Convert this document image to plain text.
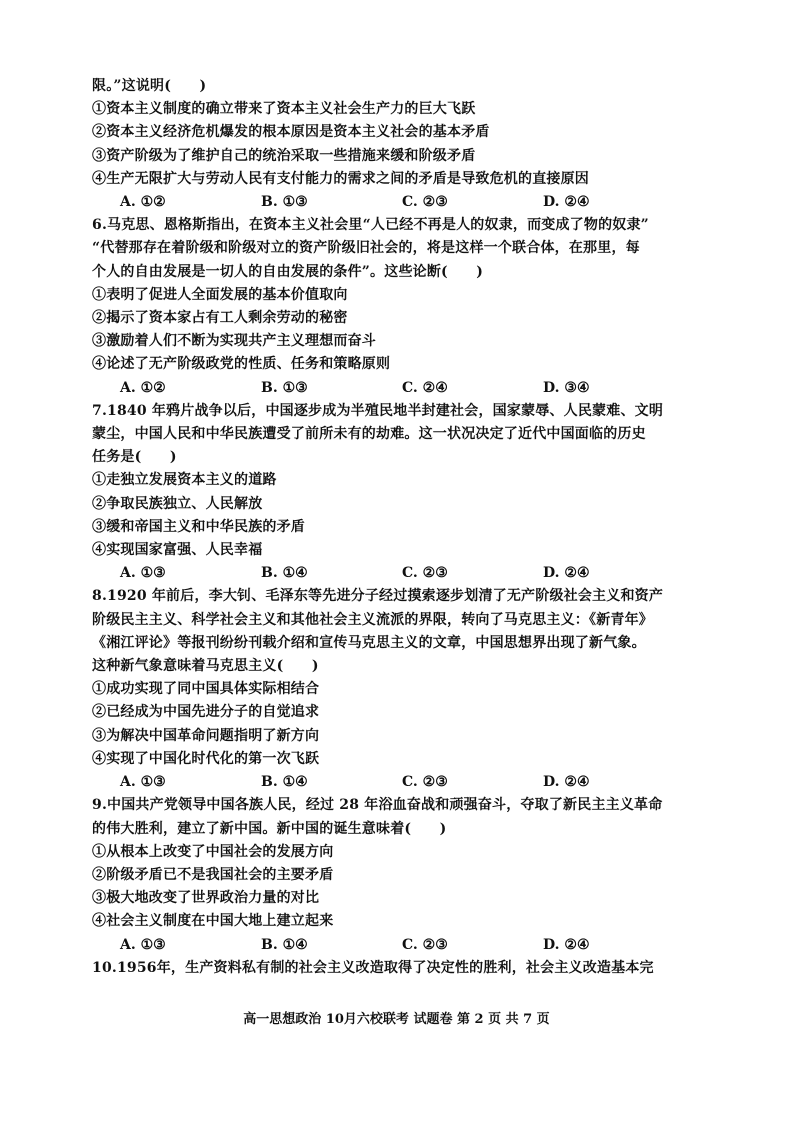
限。”这说明(　　)
①资本主义制度的确立带来了资本主义社会生产力的巨大飞跃
②资本主义经济危机爆发的根本原因是资本主义社会的基本矛盾
③资产阶级为了维护自己的统治采取一些措施来缓和阶级矛盾
④生产无限扩大与劳动人民有支付能力的需求之间的矛盾是导致危机的直接原因
A. ①②	B. ①③	C. ②③	D. ②④
6.马克思、恩格斯指出，在资本主义社会里“人已经不再是人的奴隶，而变成了物的奴隶”
“代替那存在着阶级和阶级对立的资产阶级旧社会的，将是这样一个联合体，在那里，每
个人的自由发展是一切人的自由发展的条件”。这些论断(　　)
①表明了促进人全面发展的基本价值取向
②揭示了资本家占有工人剩余劳动的秘密
③激励着人们不断为实现共产主义理想而奋斗
④论述了无产阶级政党的性质、任务和策略原则
A. ①②	B. ①③	C. ②④	D. ③④
7.1840 年鸦片战争以后，中国逐步成为半殖民地半封建社会，国家蒙辱、人民蒙难、文明
蒙尘，中国人民和中华民族遭受了前所未有的劫难。这一状况决定了近代中国面临的历史
任务是(　　)
①走独立发展资本主义的道路
②争取民族独立、人民解放
③缓和帝国主义和中华民族的矛盾
④实现国家富强、人民幸福
A. ①③	B. ①④	C. ②③	D. ②④
8.1920 年前后，李大钊、毛泽东等先进分子经过摸索逐步划清了无产阶级社会主义和资产
阶级民主主义、科学社会主义和其他社会主义流派的界限，转向了马克思主义：《新青年》
《湘江评论》等报刊纷纷刊载介绍和宣传马克思主义的文章，中国思想界出现了新气象。
这种新气象意味着马克思主义(　　)
①成功实现了同中国具体实际相结合
②已经成为中国先进分子的自觉追求
③为解决中国革命问题指明了新方向
④实现了中国化时代化的第一次飞跃
A. ①③	B. ①④	C. ②③	D. ②④
9.中国共产党领导中国各族人民，经过 28 年浴血奋战和顽强奋斗，夺取了新民主主义革命
的伟大胜利，建立了新中国。新中国的诞生意味着(　　)
①从根本上改变了中国社会的发展方向
②阶级矛盾已不是我国社会的主要矛盾
③极大地改变了世界政治力量的对比
④社会主义制度在中国大地上建立起来
A. ①③	B. ①④	C. ②③	D. ②④
10.1956年，生产资料私有制的社会主义改造取得了决定性的胜利，社会主义改造基本完
高一思想政治 10月六校联考 试题卷 第 2 页 共 7 页
